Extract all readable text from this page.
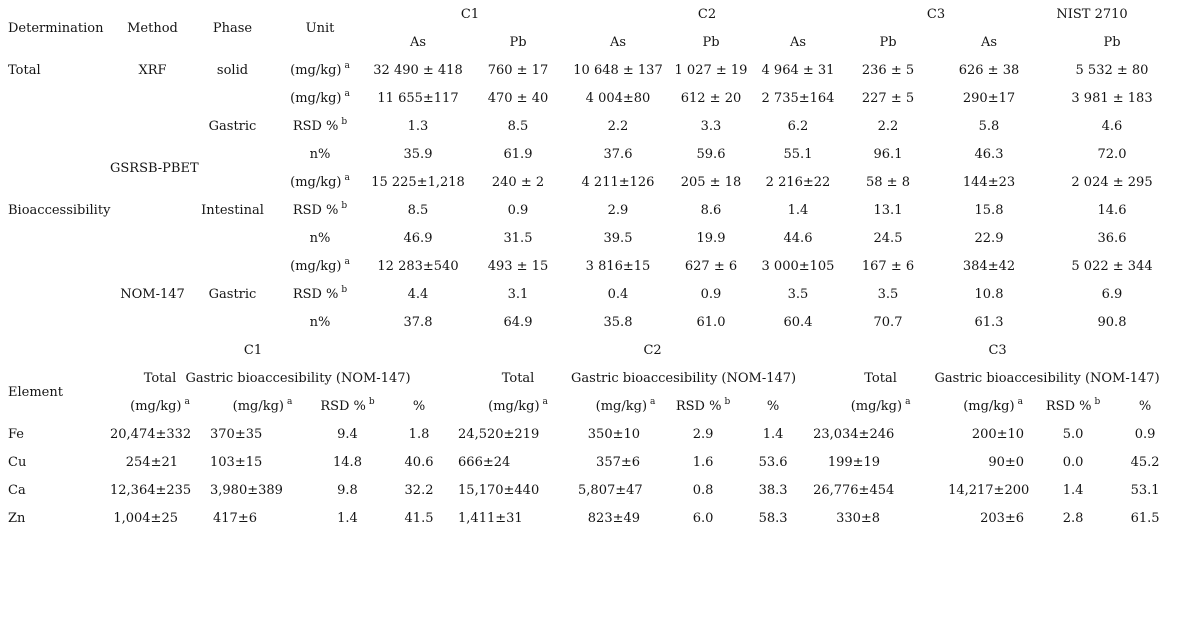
Determination	Method	Phase	Unit	C1		C2		C3		NIST 2710	
				As	Pb	As	Pb	As	Pb	As	Pb
Total	XRF	solid	(mg/kg) $^a$	32 490 ± 418	760 ± 17	10 648 ± 137	1 027 ± 19	4 964 ± 31	236 ± 5	626 ± 38	5 532 ± 80
Bioaccessibility	GSRSB-PBET	Gastric	(mg/kg) $^a$	11 655±117	470 ± 40	4 004±80	612 ± 20	2 735±164	227 ± 5	290±17	3 981 ± 183
			RSD % $^b$	1.3	8.5	2.2	3.3	6.2	2.2	5.8	4.6
			n%	35.9	61.9	37.6	59.6	55.1	96.1	46.3	72.0
		Intestinal	(mg/kg) $^a$	15 225±1,218	240 ± 2	4 211±126	205 ± 18	2 216±22	58 ± 8	144±23	2 024 ± 295
			RSD % $^b$	8.5	0.9	2.9	8.6	1.4	13.1	15.8	14.6
			n%	46.9	31.5	39.5	19.9	44.6	24.5	22.9	36.6
	NOM-147	Gastric	(mg/kg) $^a$	12 283±540	493 ± 15	3 816±15	627 ± 6	3 000±105	167 ± 6	384±42	5 022 ± 344
			RSD % $^b$	4.4	3.1	0.4	0.9	3.5	3.5	10.8	6.9
			n%	37.8	64.9	35.8	61.0	60.4	70.7	61.3	90.8
	C1				C2				C3			
Element	Total	Gastric bioaccesibility (NOM-147)			Total	Gastric bioaccesibility (NOM-147)			Total	Gastric bioaccesibility (NOM-147)		
	(mg/kg) $^a$	(mg/kg) $^a$	RSD % $^b$	%	(mg/kg) $^a$	(mg/kg) $^a$	RSD % $^b$	%	(mg/kg) $^a$	(mg/kg) $^a$	RSD % $^b$	%
Fe	20,474±332	370±35	9.4	1.8	24,520±219	350±10	2.9	1.4	23,034±246	200±10	5.0	0.9
Cu	254±21	103±15	14.8	40.6	666±24	357±6	1.6	53.6	199±19	90±0	0.0	45.2
Ca	12,364±235	3,980±389	9.8	32.2	15,170±440	5,807±47	0.8	38.3	26,776±454	14,217±200	1.4	53.1
Zn	1,004±25	417±6	1.4	41.5	1,411±31	823±49	6.0	58.3	330±8	203±6	2.8	61.5
